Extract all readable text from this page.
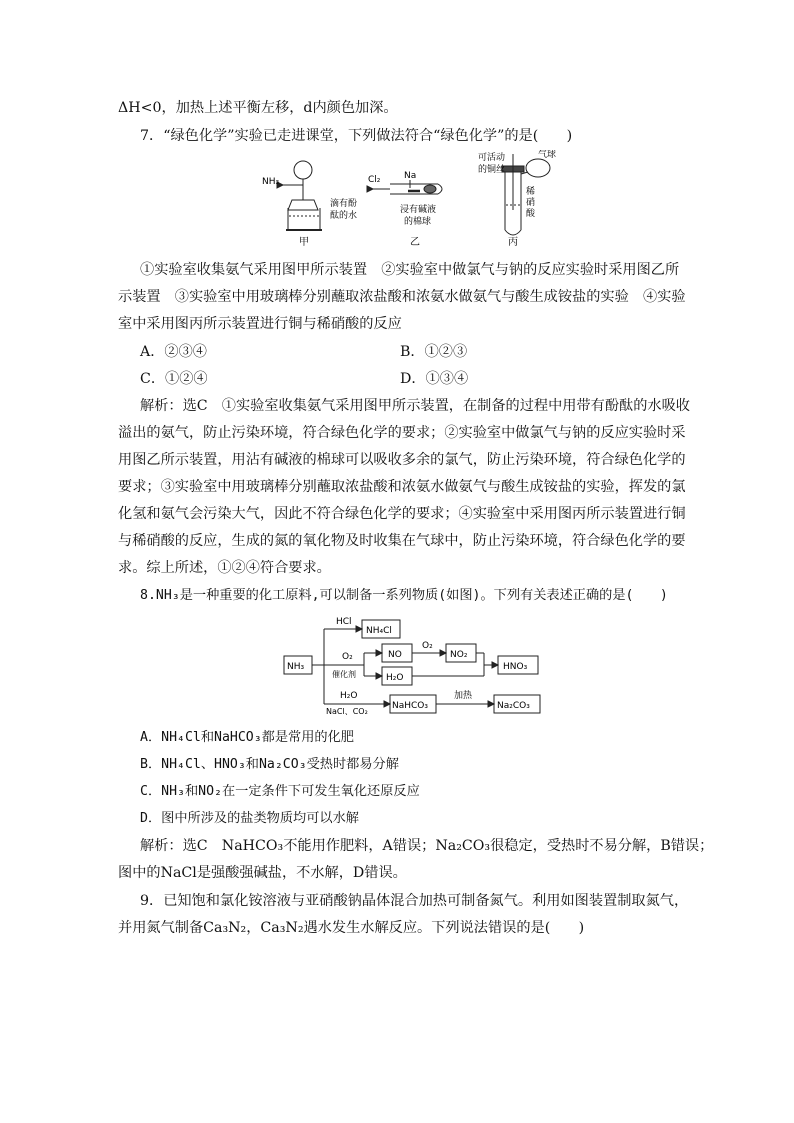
ΔH<0，加热上述平衡左移，d内颜色加深。
7．“绿色化学”实验已走进课堂，下列做法符合“绿色化学”的是(　　)
NH₃
滴有酚
酞的水
甲
Cl₂	Na
浸有碱液
的棉球
乙
可活动
的铜丝
气球
稀
硝
酸
丙
①实验室收集氨气采用图甲所示装置　②实验室中做氯气与钠的反应实验时采用图乙所
示装置　③实验室中用玻璃棒分别蘸取浓盐酸和浓氨水做氨气与酸生成铵盐的实验　④实验
室中采用图丙所示装置进行铜与稀硝酸的反应
A．②③④	B．①②③
C．①②④	D．①③④
解析：选C　①实验室收集氨气采用图甲所示装置，在制备的过程中用带有酚酞的水吸收
溢出的氨气，防止污染环境，符合绿色化学的要求；②实验室中做氯气与钠的反应实验时采
用图乙所示装置，用沾有碱液的棉球可以吸收多余的氯气，防止污染环境，符合绿色化学的
要求；③实验室中用玻璃棒分别蘸取浓盐酸和浓氨水做氨气与酸生成铵盐的实验，挥发的氯
化氢和氨气会污染大气，因此不符合绿色化学的要求；④实验室中采用图丙所示装置进行铜
与稀硝酸的反应，生成的氮的氧化物及时收集在气球中，防止污染环境，符合绿色化学的要
求。综上所述，①②④符合要求。
8.NH₃是一种重要的化工原料,可以制备一系列物质(如图)。下列有关表述正确的是(　　)
NH₃
HCl
NH₄Cl
O₂
催化剂
NO
O₂
NO₂
H₂O
HNO₃
H₂O
NaCl、CO₂
NaHCO₃
加热
Na₂CO₃
A．NH₄Cl和NaHCO₃都是常用的化肥
B．NH₄Cl、HNO₃和Na₂CO₃受热时都易分解
C．NH₃和NO₂在一定条件下可发生氧化还原反应
D．图中所涉及的盐类物质均可以水解
解析：选C　NaHCO₃不能用作肥料，A错误；Na₂CO₃很稳定，受热时不易分解，B错误；
图中的NaCl是强酸强碱盐，不水解，D错误。
9．已知饱和氯化铵溶液与亚硝酸钠晶体混合加热可制备氮气。利用如图装置制取氮气，
并用氮气制备Ca₃N₂，Ca₃N₂遇水发生水解反应。下列说法错误的是(　　)
